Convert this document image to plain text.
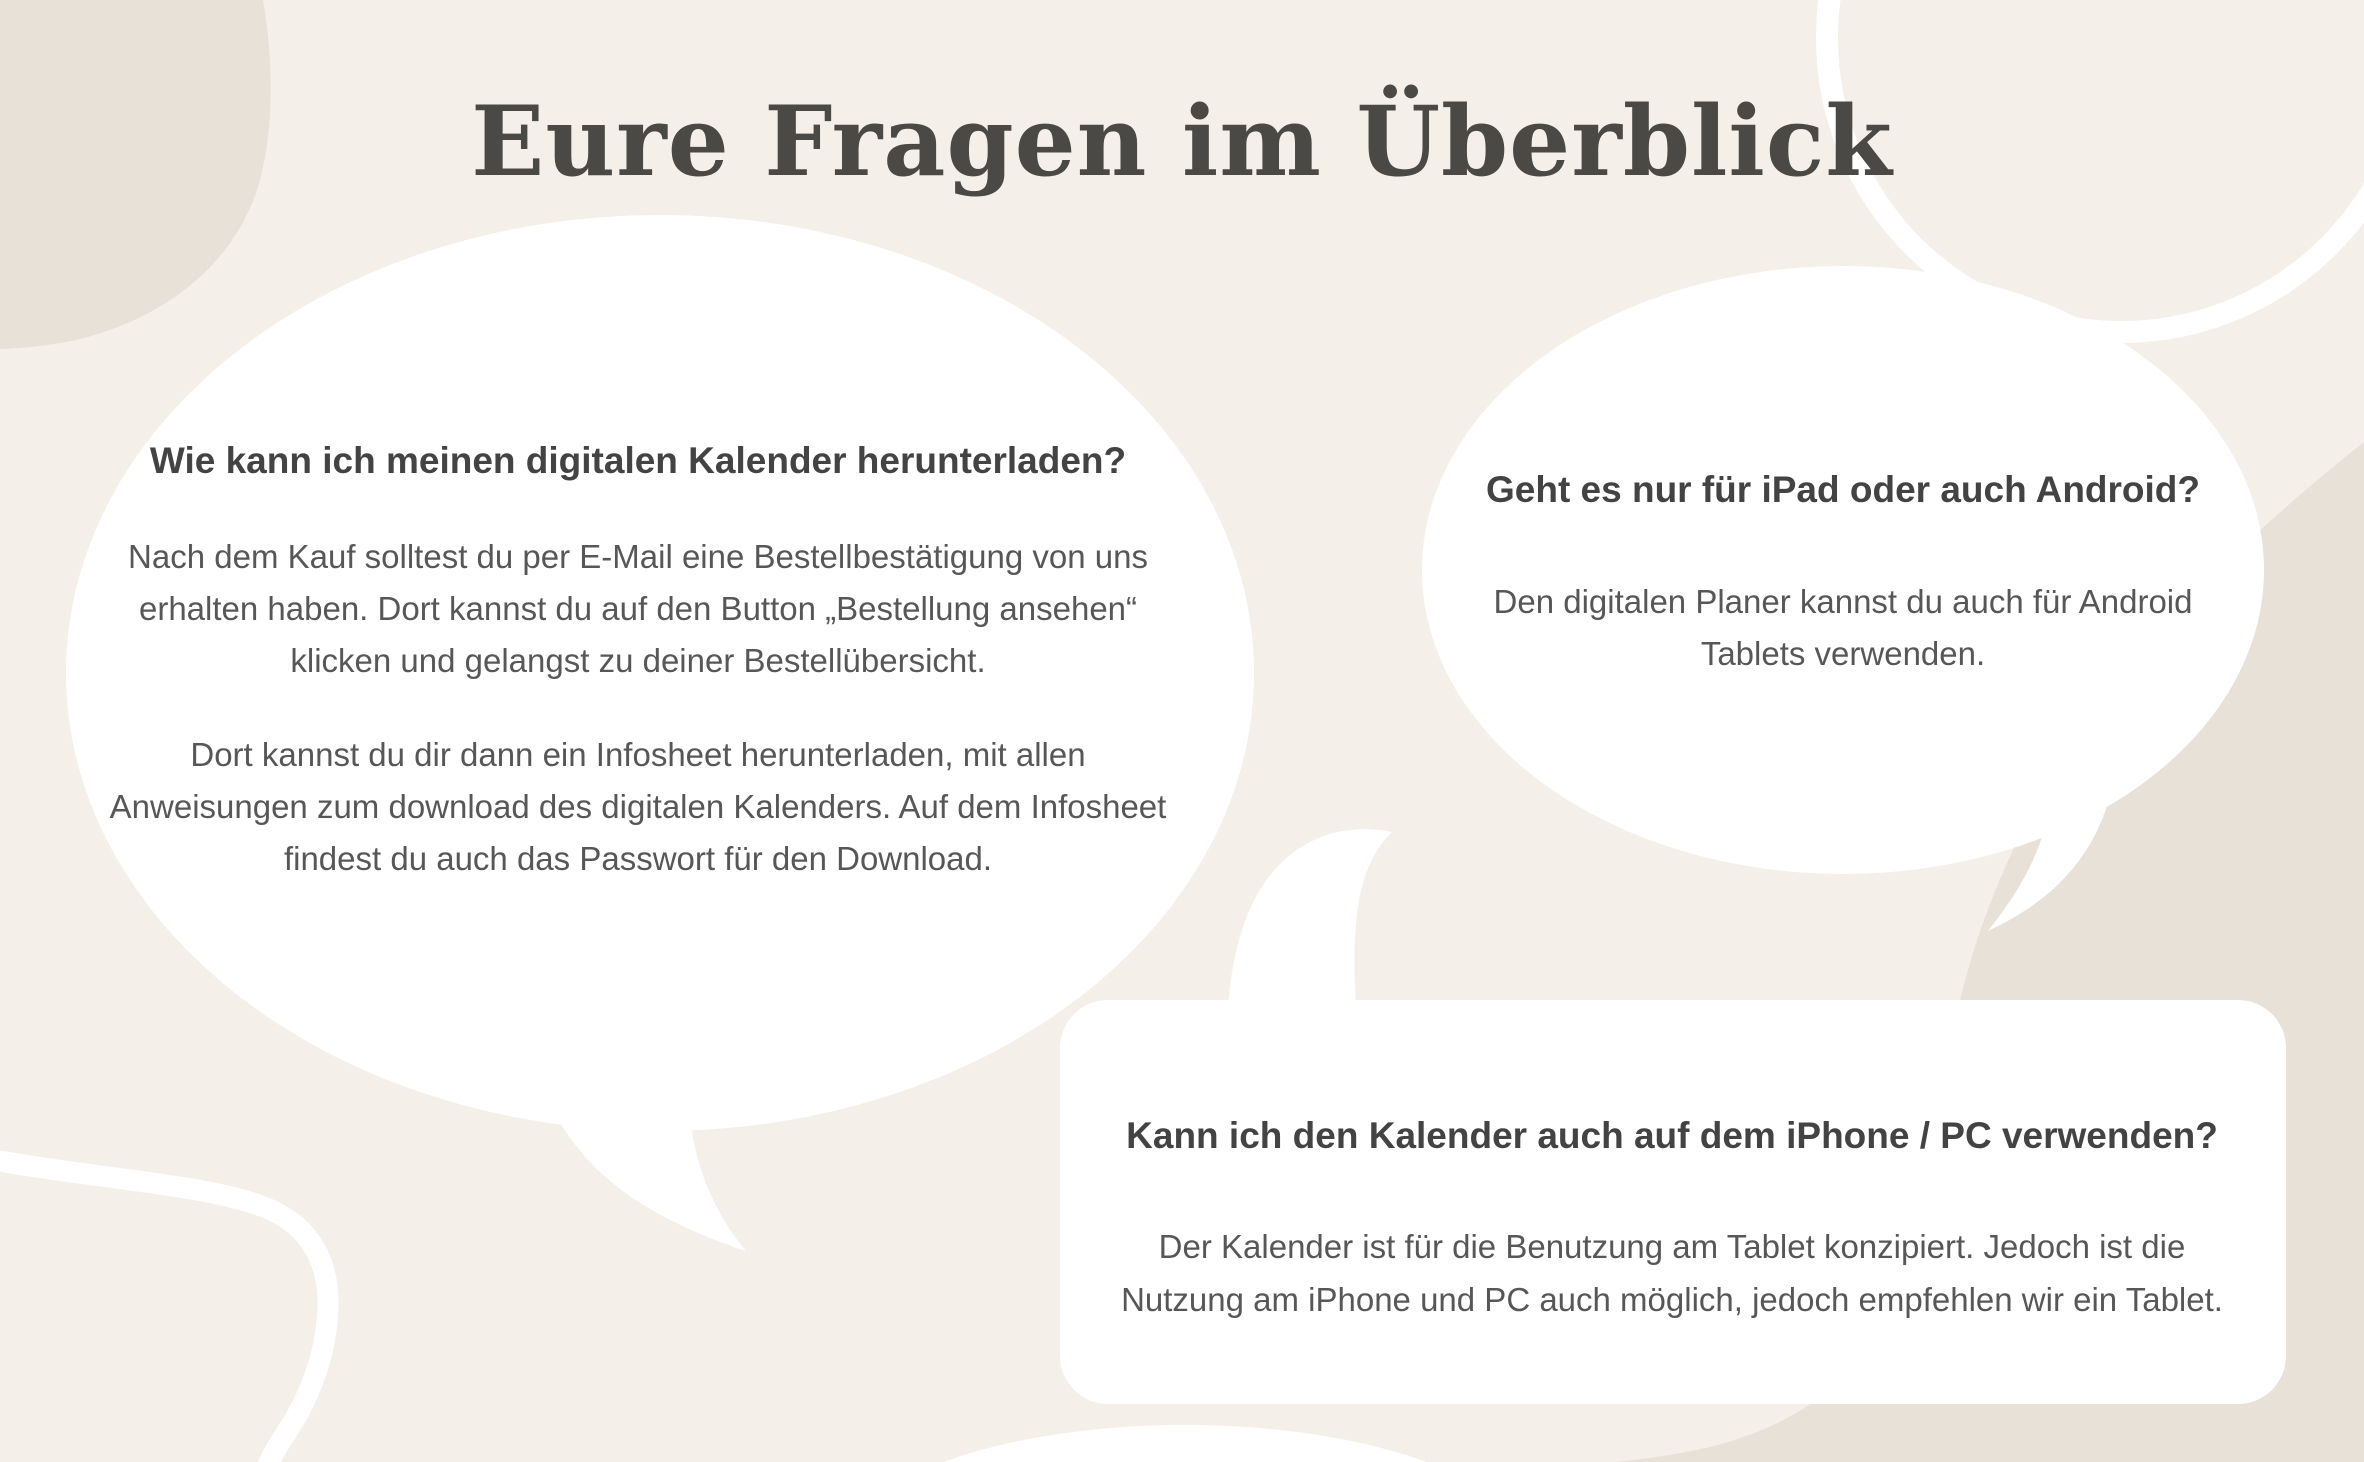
Eure Fragen im Überblick
Wie kann ich meinen digitalen Kalender herunterladen?

Nach dem Kauf solltest du per E-Mail eine Bestellbestätigung von uns erhalten haben. Dort kannst du auf den Button „Bestellung ansehen“ klicken und gelangst zu deiner Bestellübersicht.

Dort kannst du dir dann ein Infosheet herunterladen, mit allen Anweisungen zum download des digitalen Kalenders. Auf dem Infosheet findest du auch das Passwort für den Download.

Geht es nur für iPad oder auch Android?

Den digitalen Planer kannst du auch für Android Tablets verwenden.

Kann ich den Kalender auch auf dem iPhone / PC verwenden?

Der Kalender ist für die Benutzung am Tablet konzipiert. Jedoch ist die Nutzung am iPhone und PC auch möglich, jedoch empfehlen wir ein Tablet.
